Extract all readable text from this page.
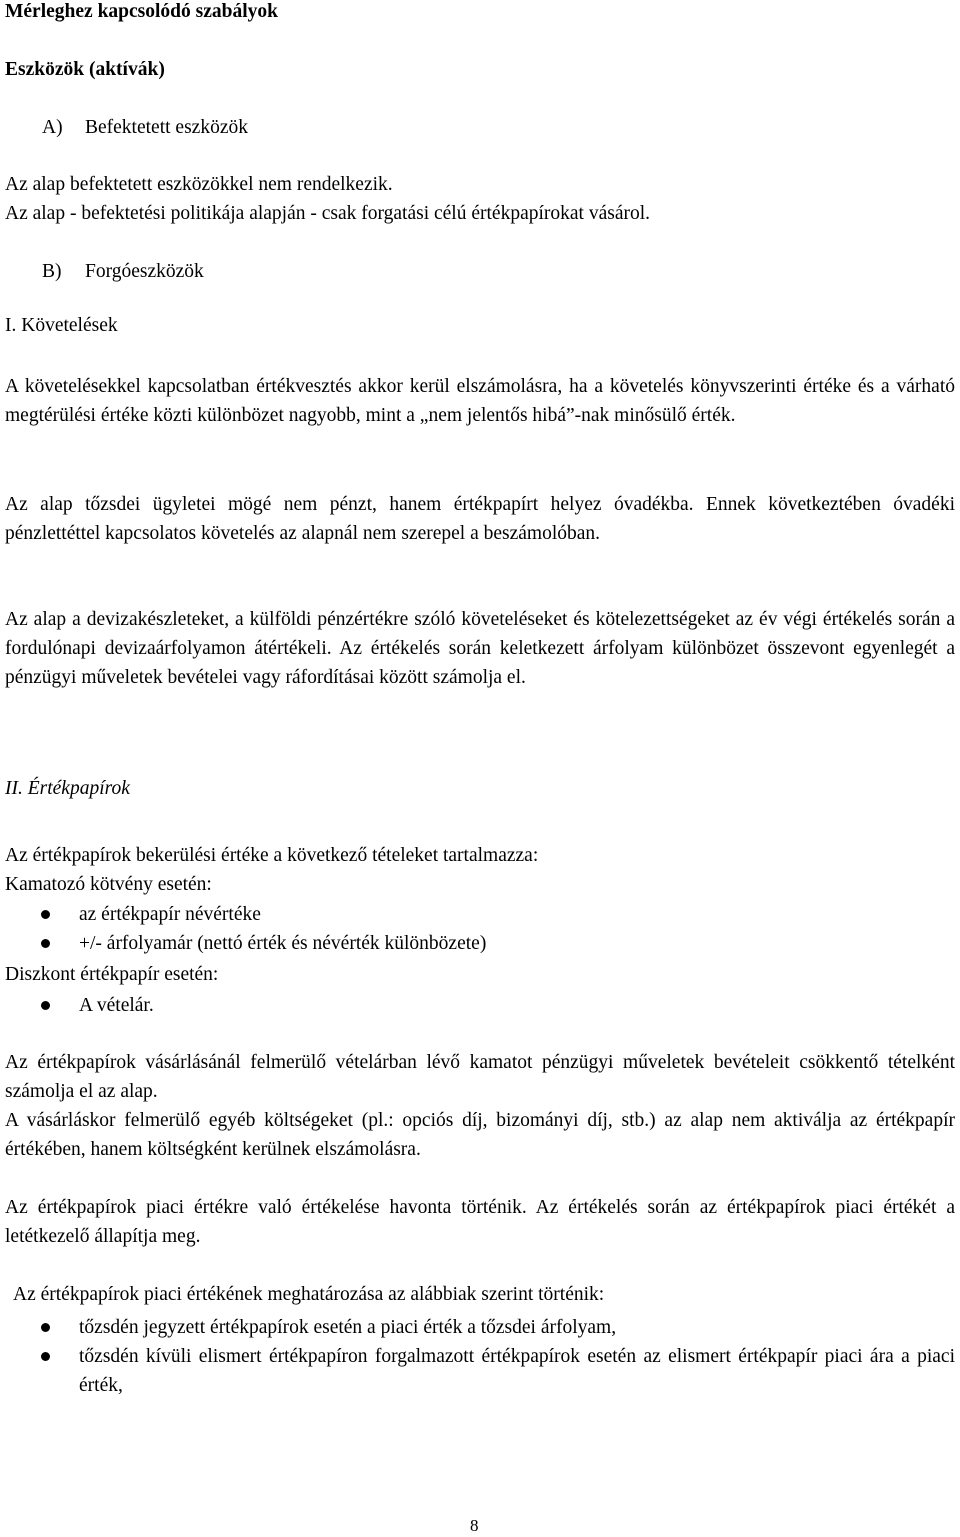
Mérleghez kapcsolódó szabályok

Eszközök (aktívák)

A) Befektetett eszközök

Az alap befektetett eszközökkel nem rendelkezik.

Az alap - befektetési politikája alapján - csak forgatási célú értékpapírokat vásárol.

B) Forgóeszközök

I. Követelések

A követelésekkel kapcsolatban értékvesztés akkor kerül elszámolásra, ha a követelés könyvszerinti értéke és a várható megtérülési értéke közti különbözet nagyobb, mint a „nem jelentős hibá”-nak minősülő érték.

Az alap tőzsdei ügyletei mögé nem pénzt, hanem értékpapírt helyez óvadékba. Ennek következtében óvadéki pénzlettéttel kapcsolatos követelés az alapnál nem szerepel a beszámolóban.

Az alap a devizakészleteket, a külföldi pénzértékre szóló követeléseket és kötelezettségeket az év végi értékelés során a fordulónapi devizaárfolyamon átértékeli. Az értékelés során keletkezett árfolyam különbözet összevont egyenlegét a pénzügyi műveletek bevételei vagy ráfordításai között számolja el.

II. Értékpapírok

Az értékpapírok bekerülési értéke a következő tételeket tartalmazza:

Kamatozó kötvény esetén:

az értékpapír névértéke
+/- árfolyamár (nettó érték és névérték különbözete)

Diszkont értékpapír esetén:

A vételár.

Az értékpapírok vásárlásánál felmerülő vételárban lévő kamatot pénzügyi műveletek bevételeit csökkentő tételként számolja el az alap.

A vásárláskor felmerülő egyéb költségeket (pl.: opciós díj, bizományi díj, stb.) az alap nem aktiválja az értékpapír értékében, hanem költségként kerülnek elszámolásra.

Az értékpapírok piaci értékre való értékelése havonta történik. Az értékelés során az értékpapírok piaci értékét a letétkezelő állapítja meg.

Az értékpapírok piaci értékének meghatározása az alábbiak szerint történik:

tőzsdén jegyzett értékpapírok esetén a piaci érték a tőzsdei árfolyam,
tőzsdén kívüli elismert értékpapíron forgalmazott értékpapírok esetén az elismert értékpapír piaci ára a piaci érték,
8
